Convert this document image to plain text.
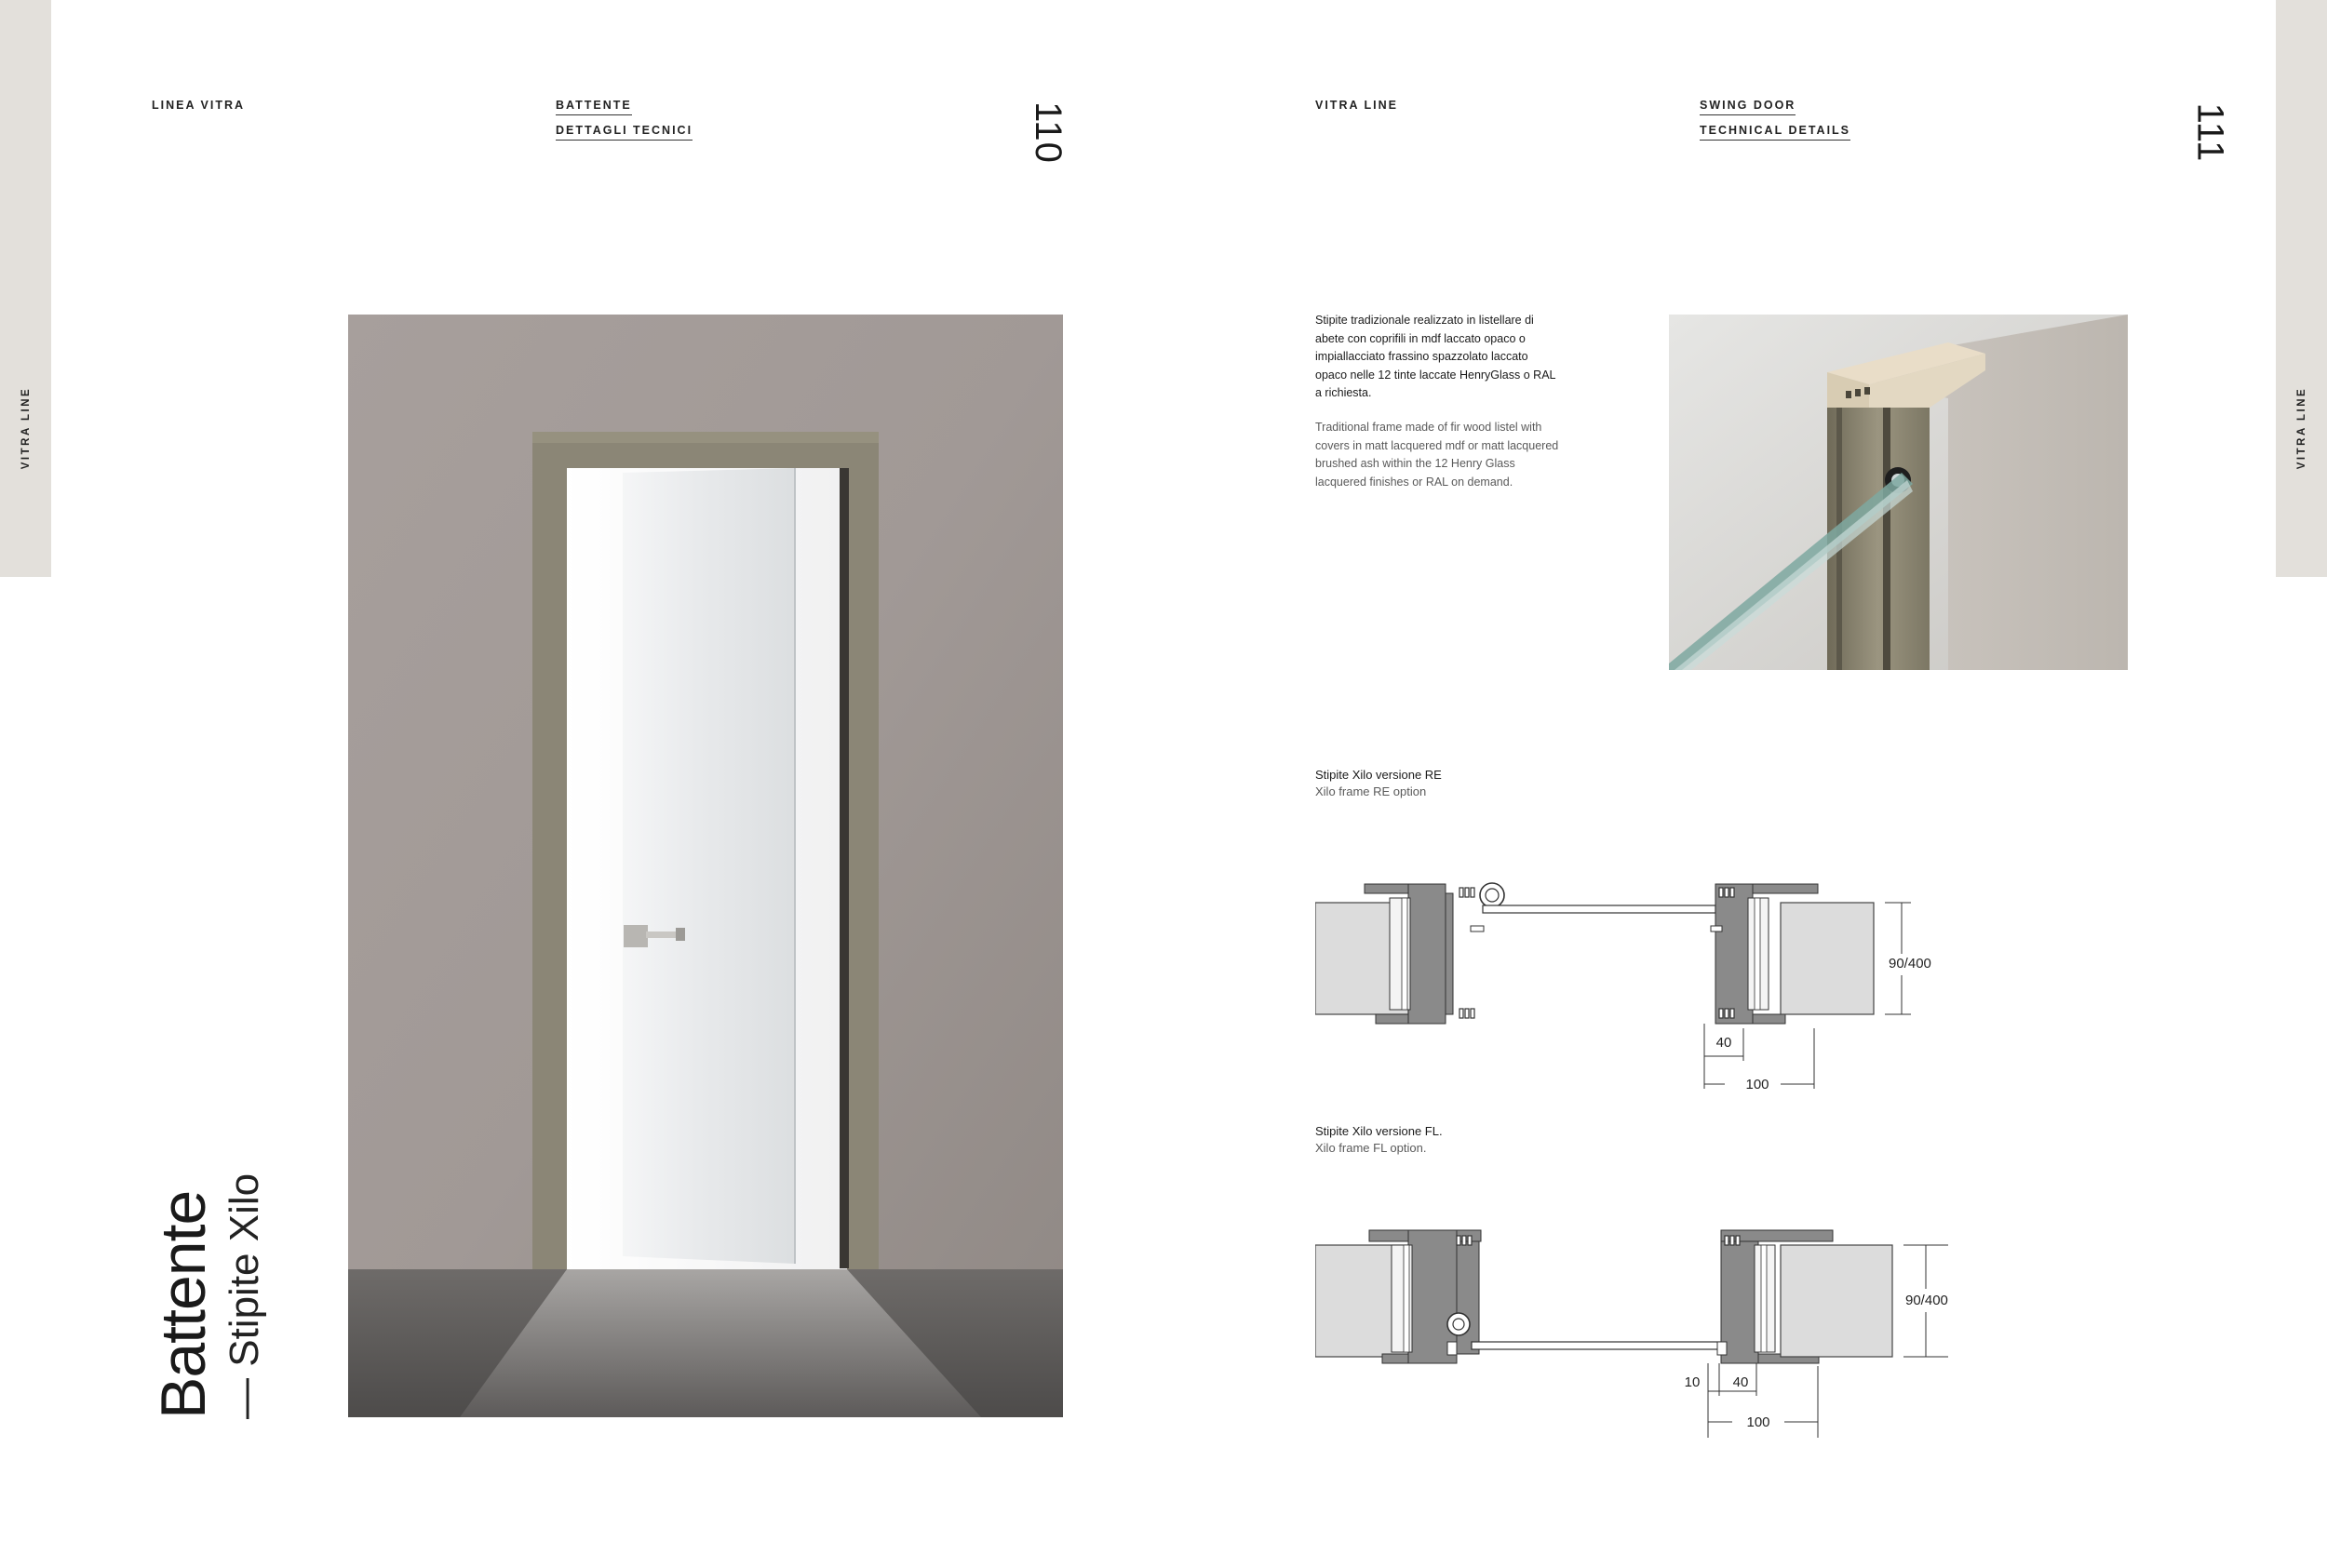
VITRA LINE
LINEA VITRA	BATTENTE
DETTAGLI TECNICI	110
Battente — Stipite Xilo
VITRA LINE
VITRA LINE	SWING DOOR
TECHNICAL DETAILS	111
Stipite tradizionale realizzato in listellare di abete con coprifili in mdf laccato opaco o impiallacciato frassino spazzolato laccato opaco nelle 12 tinte laccate HenryGlass o RAL a richiesta.
Traditional frame made of fir wood listel with covers in matt lacquered mdf or matt lacquered brushed ash within the 12 Henry Glass lacquered finishes or RAL on demand.
Stipite Xilo versione RE
Xilo frame RE option
90/400
40
100
Stipite Xilo versione FL.
Xilo frame FL option.
90/400
10 40
100
